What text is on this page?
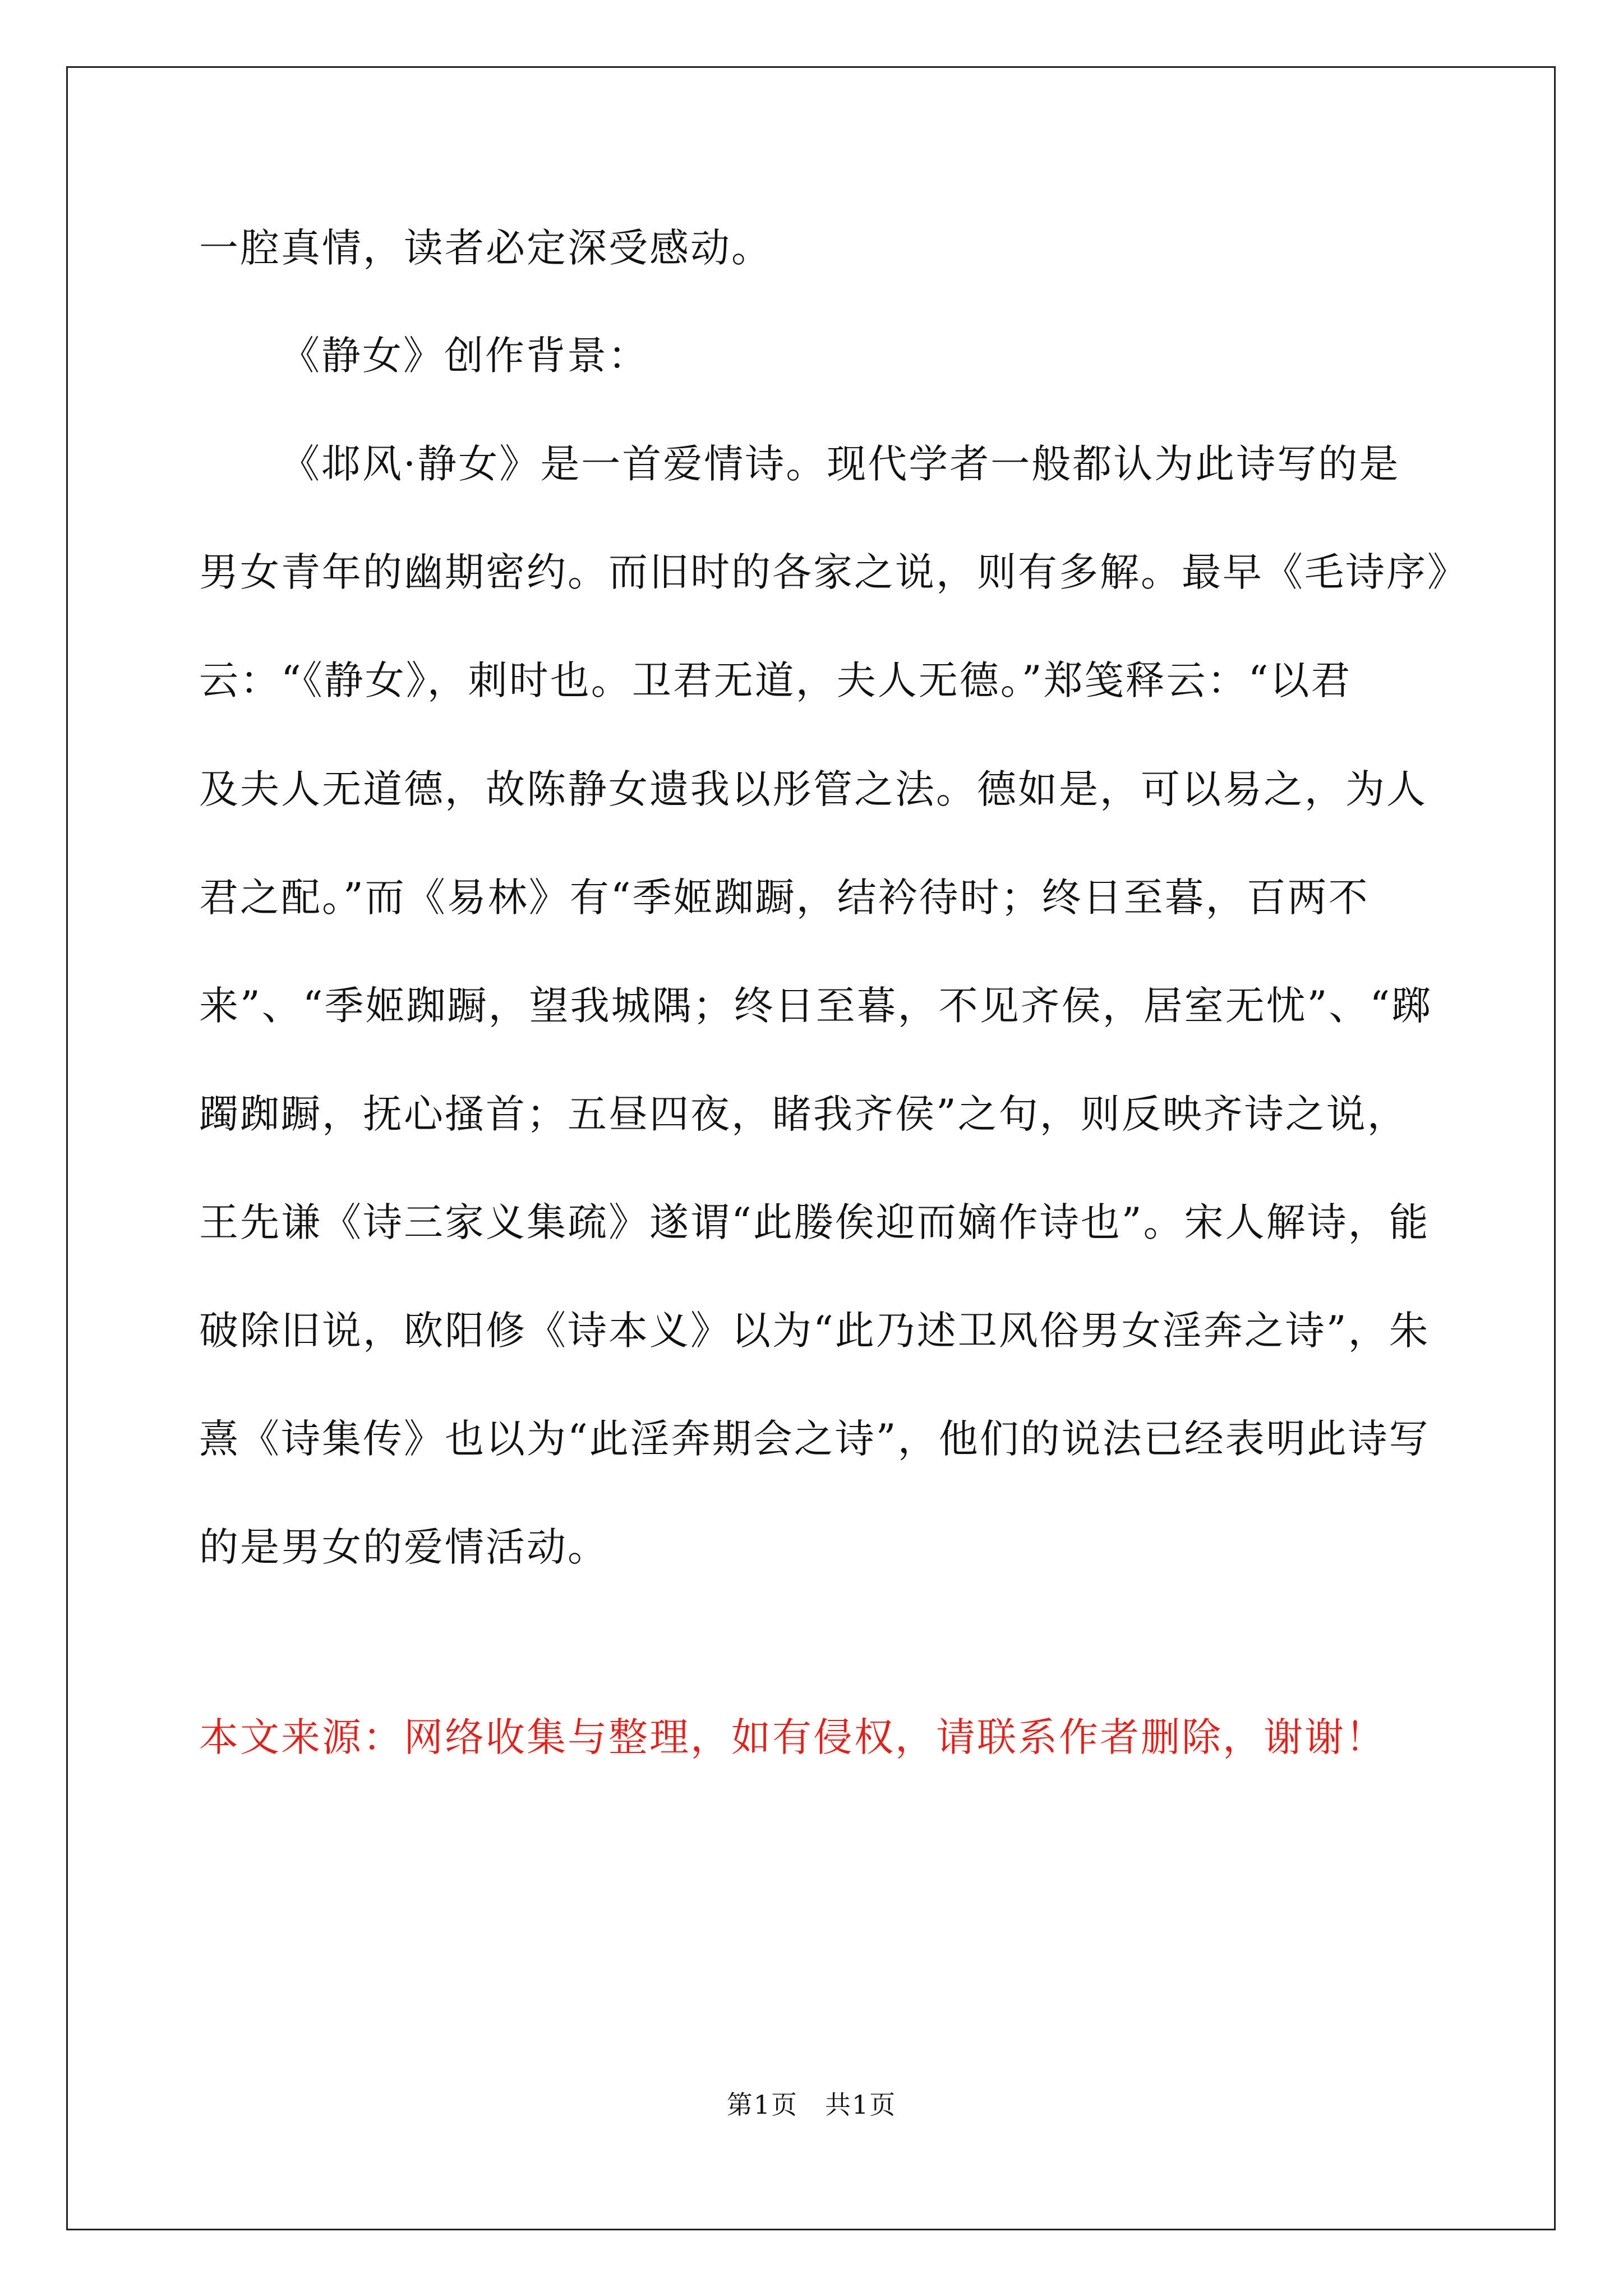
一腔真情，读者必定深受感动。
《静女》创作背景：
《邶风·静女》是一首爱情诗。现代学者一般都认为此诗写的是
男女青年的幽期密约。而旧时的各家之说，则有多解。最早《毛诗序》
云：“《静女》，刺时也。卫君无道，夫人无德。”郑笺释云：“以君
及夫人无道德，故陈静女遗我以彤管之法。德如是，可以易之，为人
君之配。”而《易林》有“季姬踟蹰，结衿待时；终日至暮，百两不
来”、“季姬踟蹰，望我城隅；终日至暮，不见齐侯，居室无忧”、“踯
躅踟蹰，抚心搔首；五昼四夜，睹我齐侯”之句，则反映齐诗之说，
王先谦《诗三家义集疏》遂谓“此媵俟迎而嫡作诗也”。宋人解诗，能
破除旧说，欧阳修《诗本义》以为“此乃述卫风俗男女淫奔之诗”，朱
熹《诗集传》也以为“此淫奔期会之诗”，他们的说法已经表明此诗写
的是男女的爱情活动。
本文来源：网络收集与整理，如有侵权，请联系作者删除，谢谢！
第1页　共1页
